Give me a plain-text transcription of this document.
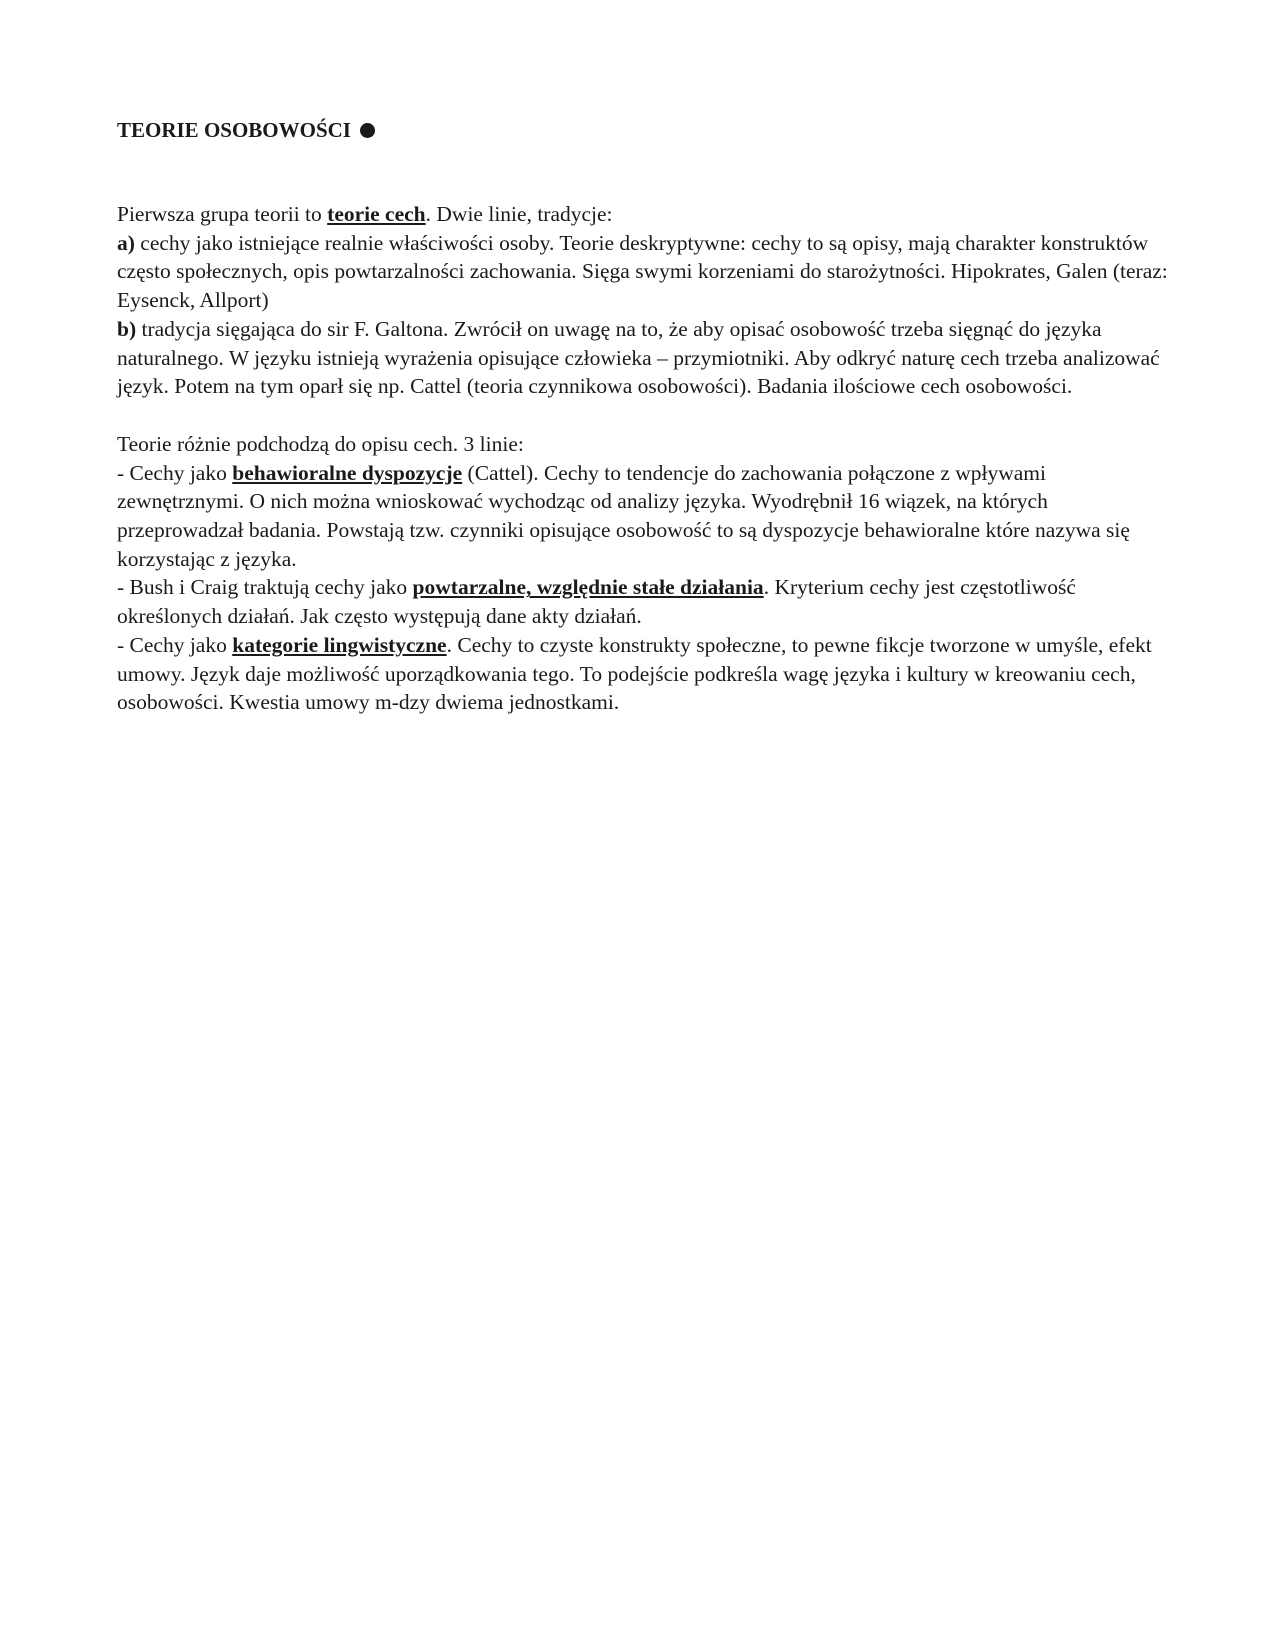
TEORIE OSOBOWOŚCI

Pierwsza grupa teorii to teorie cech. Dwie linie, tradycje:

a) cechy jako istniejące realnie właściwości osoby. Teorie deskryptywne: cechy to są opisy, mają charakter konstruktów często społecznych, opis powtarzalności zachowania. Sięga swymi korzeniami do starożytności. Hipokrates, Galen (teraz: Eysenck, Allport)

b) tradycja sięgająca do sir F. Galtona. Zwrócił on uwagę na to, że aby opisać osobowość trzeba sięgnąć do języka naturalnego. W języku istnieją wyrażenia opisujące człowieka – przymiotniki. Aby odkryć naturę cech trzeba analizować język. Potem na tym oparł się np. Cattel (teoria czynnikowa osobowości). Badania ilościowe cech osobowości.

Teorie różnie podchodzą do opisu cech. 3 linie:

- Cechy jako behawioralne dyspozycje (Cattel). Cechy to tendencje do zachowania połączone z wpływami zewnętrznymi. O nich można wnioskować wychodząc od analizy języka. Wyodrębnił 16 wiązek, na których przeprowadzał badania. Powstają tzw. czynniki opisujące osobowość to są dyspozycje behawioralne które nazywa się korzystając z języka.

- Bush i Craig traktują cechy jako powtarzalne, względnie stałe działania. Kryterium cechy jest częstotliwość określonych działań. Jak często występują dane akty działań.

- Cechy jako kategorie lingwistyczne. Cechy to czyste konstrukty społeczne, to pewne fikcje tworzone w umyśle, efekt umowy. Język daje możliwość uporządkowania tego. To podejście podkreśla wagę języka i kultury w kreowaniu cech, osobowości. Kwestia umowy m-dzy dwiema jednostkami.
